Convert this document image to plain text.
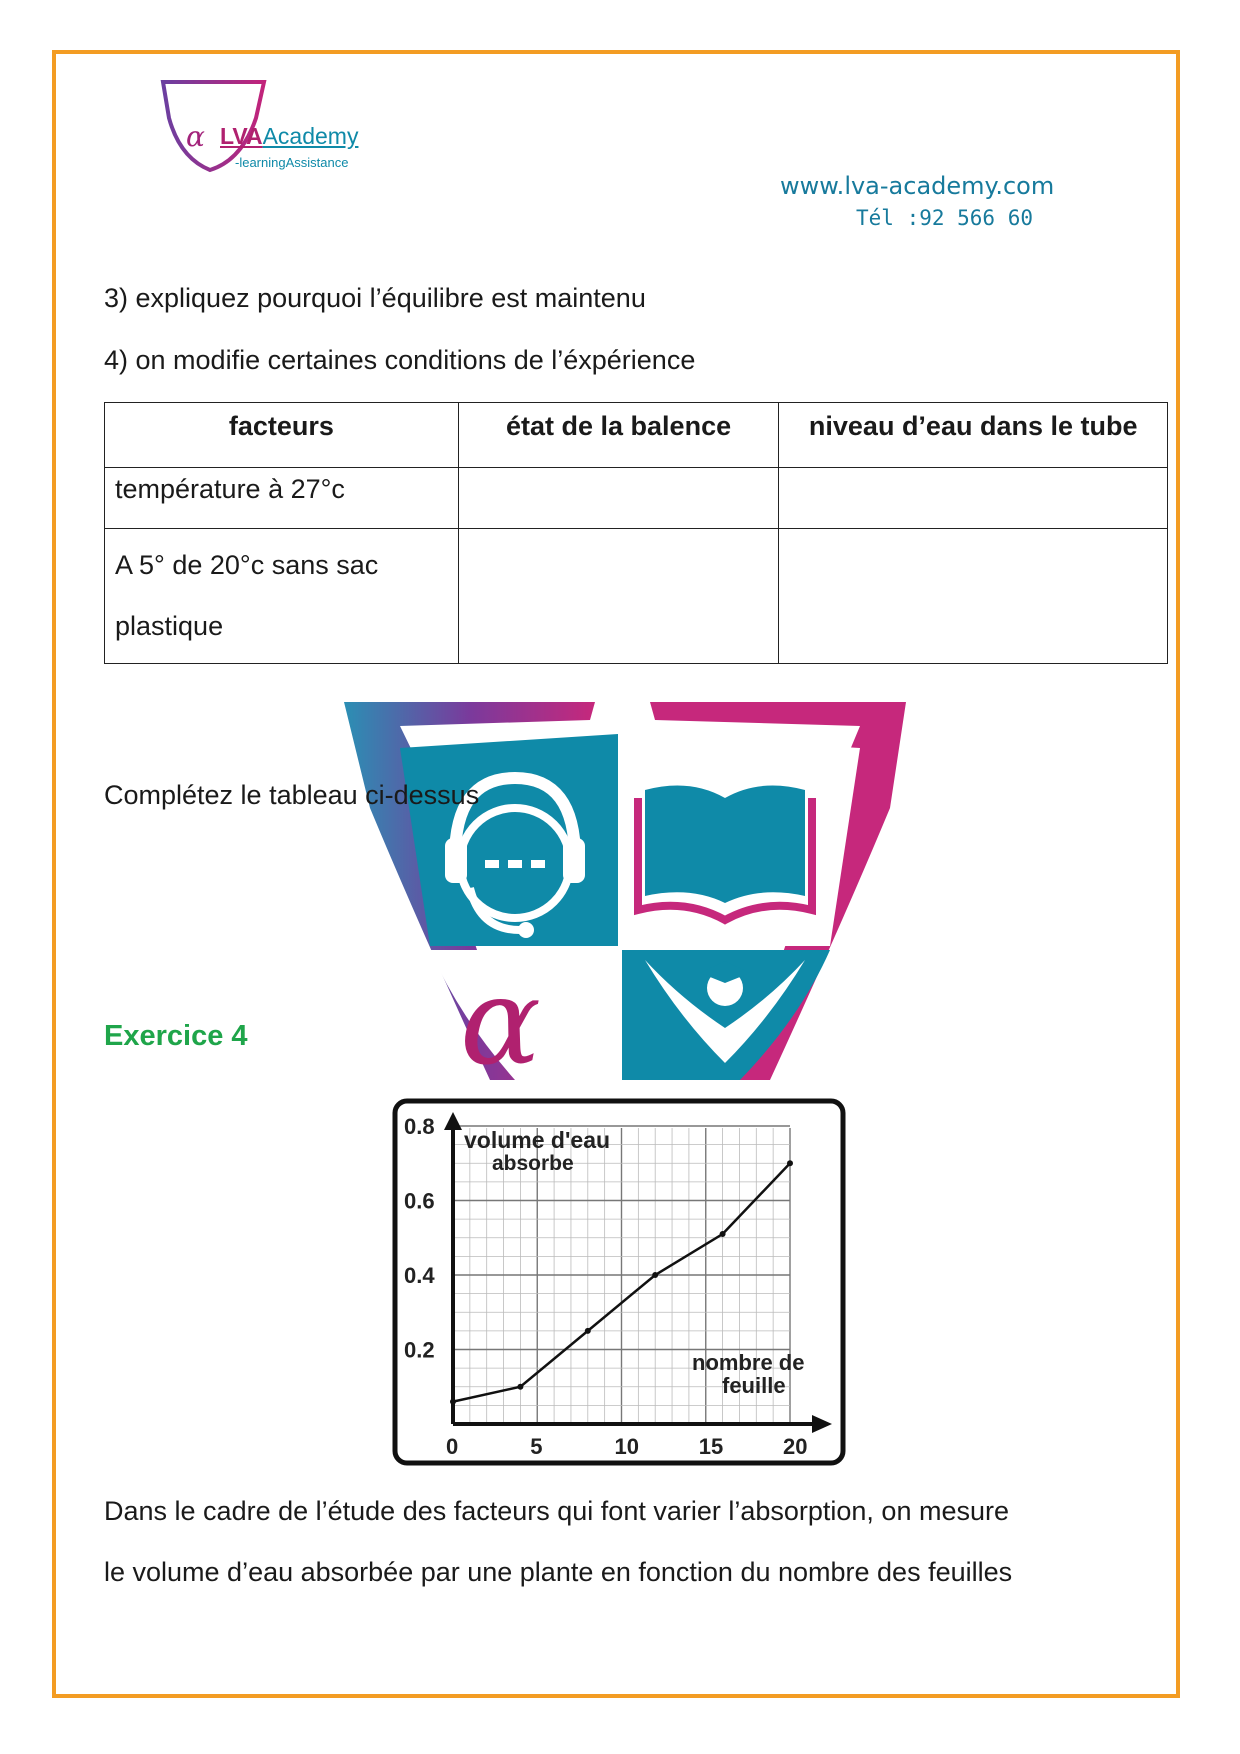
α LVAAcademy
-learningAssistance
www.lva-academy.com
Tél :92 566 60
3) expliquez pourquoi l’équilibre est maintenu
4) on modifie certaines conditions de l’éxpérience
facteurs	état de la balence	niveau d’eau dans le tube
température à 27°c		
A 5° de 20°c sans sac plastique		
α
Complétez le tableau ci-dessus
Exercice 4
0.2
0.4
0.6
0.8
0	5	10	15	20
volume d'eau
absorbe
nombre de
feuille
Dans le cadre de l’étude des facteurs qui font varier l’absorption, on mesure
le volume d’eau absorbée par une plante en fonction du nombre des feuilles
